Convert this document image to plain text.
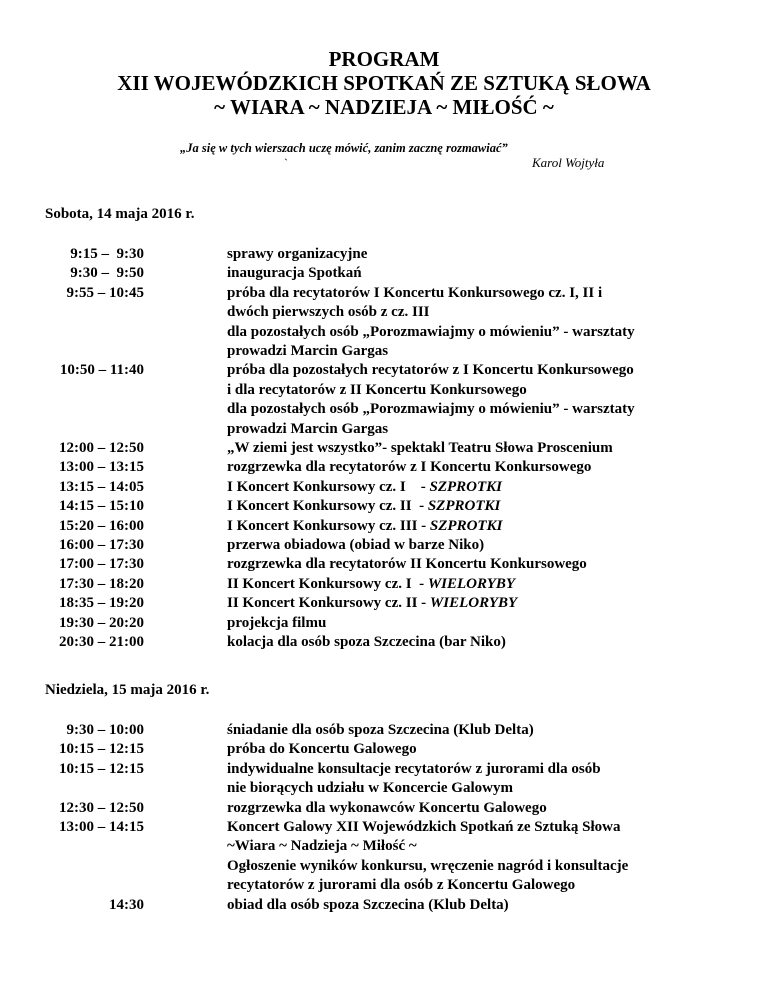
PROGRAM
XII WOJEWÓDZKICH SPOTKAŃ ZE SZTUKĄ SŁOWA
~ WIARA ~ NADZIEJA ~ MIŁOŚĆ ~
„Ja się w tych wierszach uczę mówić, zanim zacznę rozmawiać”
`	Karol Wojtyła
Sobota, 14 maja 2016 r.
9:15 –  9:30	sprawy organizacyjne
9:30 –  9:50	inauguracja Spotkań
9:55 – 10:45	próba dla recytatorów I Koncertu Konkursowego cz. I, II i
dwóch pierwszych osób z cz. III
dla pozostałych osób „Porozmawiajmy o mówieniu” - warsztaty
prowadzi Marcin Gargas
10:50 – 11:40	próba dla pozostałych recytatorów z I Koncertu Konkursowego
i dla recytatorów z II Koncertu Konkursowego
dla pozostałych osób „Porozmawiajmy o mówieniu” - warsztaty
prowadzi Marcin Gargas
12:00 – 12:50	„W ziemi jest wszystko”- spektakl Teatru Słowa Proscenium
13:00 – 13:15	rozgrzewka dla recytatorów z I Koncertu Konkursowego
13:15 – 14:05	I Koncert Konkursowy cz. I    - SZPROTKI
14:15 – 15:10	I Koncert Konkursowy cz. II  - SZPROTKI
15:20 – 16:00	I Koncert Konkursowy cz. III - SZPROTKI
16:00 – 17:30	przerwa obiadowa (obiad w barze Niko)
17:00 – 17:30	rozgrzewka dla recytatorów II Koncertu Konkursowego
17:30 – 18:20	II Koncert Konkursowy cz. I  - WIELORYBY
18:35 – 19:20	II Koncert Konkursowy cz. II - WIELORYBY
19:30 – 20:20	projekcja filmu
20:30 – 21:00	kolacja dla osób spoza Szczecina (bar Niko)
Niedziela, 15 maja 2016 r.
9:30 – 10:00	śniadanie dla osób spoza Szczecina (Klub Delta)
10:15 – 12:15	próba do Koncertu Galowego
10:15 – 12:15	indywidualne konsultacje recytatorów z jurorami dla osób
nie biorących udziału w Koncercie Galowym
12:30 – 12:50	rozgrzewka dla wykonawców Koncertu Galowego
13:00 – 14:15	Koncert Galowy XII Wojewódzkich Spotkań ze Sztuką Słowa
~Wiara ~ Nadzieja ~ Miłość ~
Ogłoszenie wyników konkursu, wręczenie nagród i konsultacje
recytatorów z jurorami dla osób z Koncertu Galowego
14:30	obiad dla osób spoza Szczecina (Klub Delta)
